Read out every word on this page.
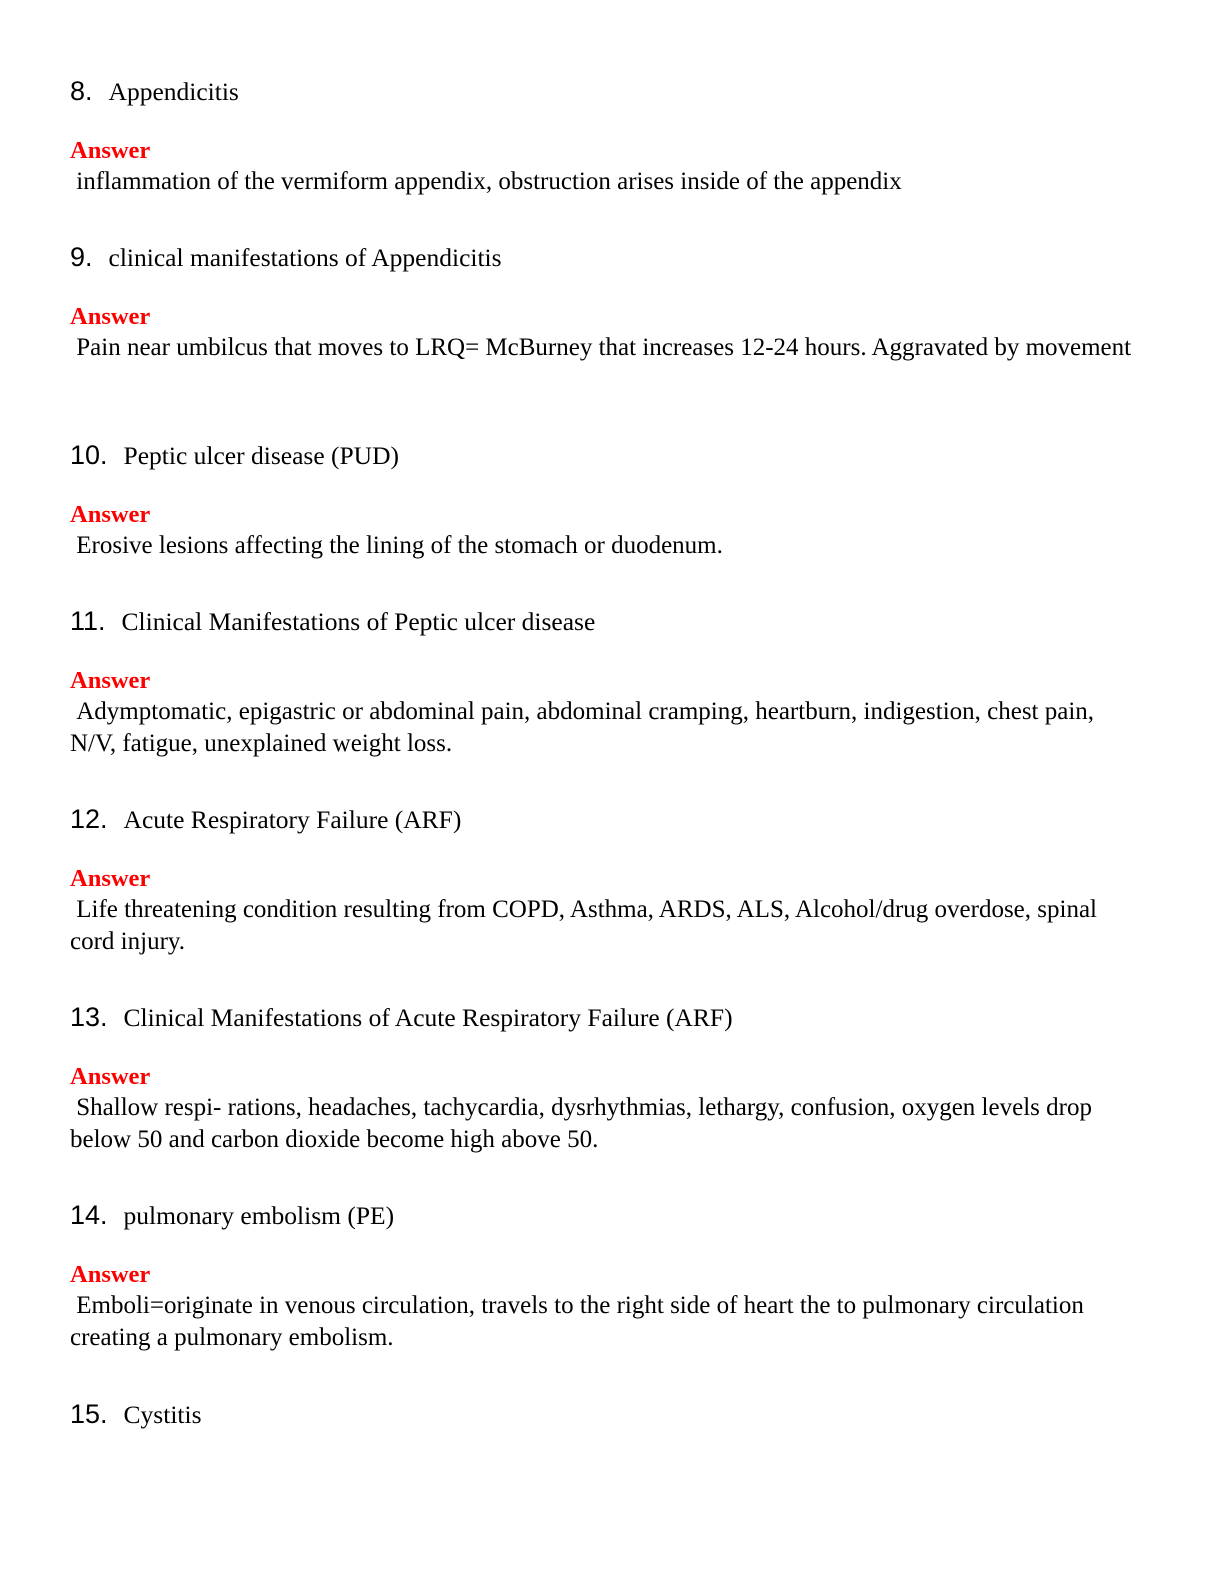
8. Appendicitis
Answer
inflammation of the vermiform appendix, obstruction arises inside of the appendix
9. clinical manifestations of Appendicitis
Answer
Pain near umbilcus that moves to LRQ= McBurney that increases 12-24 hours. Aggravated by movement
10. Peptic ulcer disease (PUD)
Answer
Erosive lesions affecting the lining of the stomach or duodenum.
11. Clinical Manifestations of Peptic ulcer disease
Answer
Adymptomatic, epigastric or abdominal pain, abdominal cramping, heartburn, indigestion, chest pain, N/V, fatigue, unexplained weight loss.
12. Acute Respiratory Failure (ARF)
Answer
Life threatening condition resulting from COPD, Asthma, ARDS, ALS, Alcohol/drug overdose, spinal cord injury.
13. Clinical Manifestations of Acute Respiratory Failure (ARF)
Answer
Shallow respi- rations, headaches, tachycardia, dysrhythmias, lethargy, confusion, oxygen levels drop below 50 and carbon dioxide become high above 50.
14. pulmonary embolism (PE)
Answer
Emboli=originate in venous circulation, travels to the right side of heart the to pulmonary circulation creating a pulmonary embolism.
15. Cystitis
